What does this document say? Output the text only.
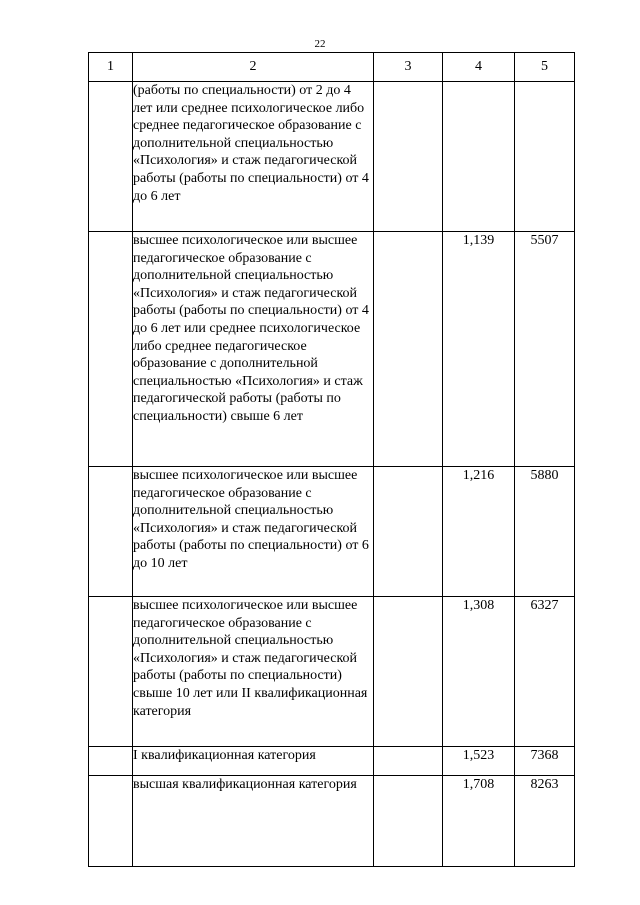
22
1	2	3	4	5
	(работы по специальности) от 2 до 4 лет или среднее психологическое либо среднее педагогическое образование с дополнительной специальностью «Психология» и стаж педагогической работы (работы по специальности) от 4 до 6 лет			
	высшее психологическое или высшее педагогическое образование с дополнительной специальностью «Психология» и стаж педагогической работы (работы по специальности) от 4 до 6 лет или среднее психологическое либо среднее педагогическое образование с дополнительной специальностью «Психология» и стаж педагогической работы (работы по специальности) свыше 6 лет		1,139	5507
	высшее психологическое или высшее педагогическое образование с дополнительной специальностью «Психология» и стаж педагогической работы (работы по специальности) от 6 до 10 лет		1,216	5880
	высшее психологическое или высшее педагогическое образование с дополнительной специальностью «Психология» и стаж педагогической работы (работы по специальности) свыше 10 лет или II квалификационная категория		1,308	6327
	I квалификационная категория		1,523	7368
	высшая квалификационная категория		1,708	8263
